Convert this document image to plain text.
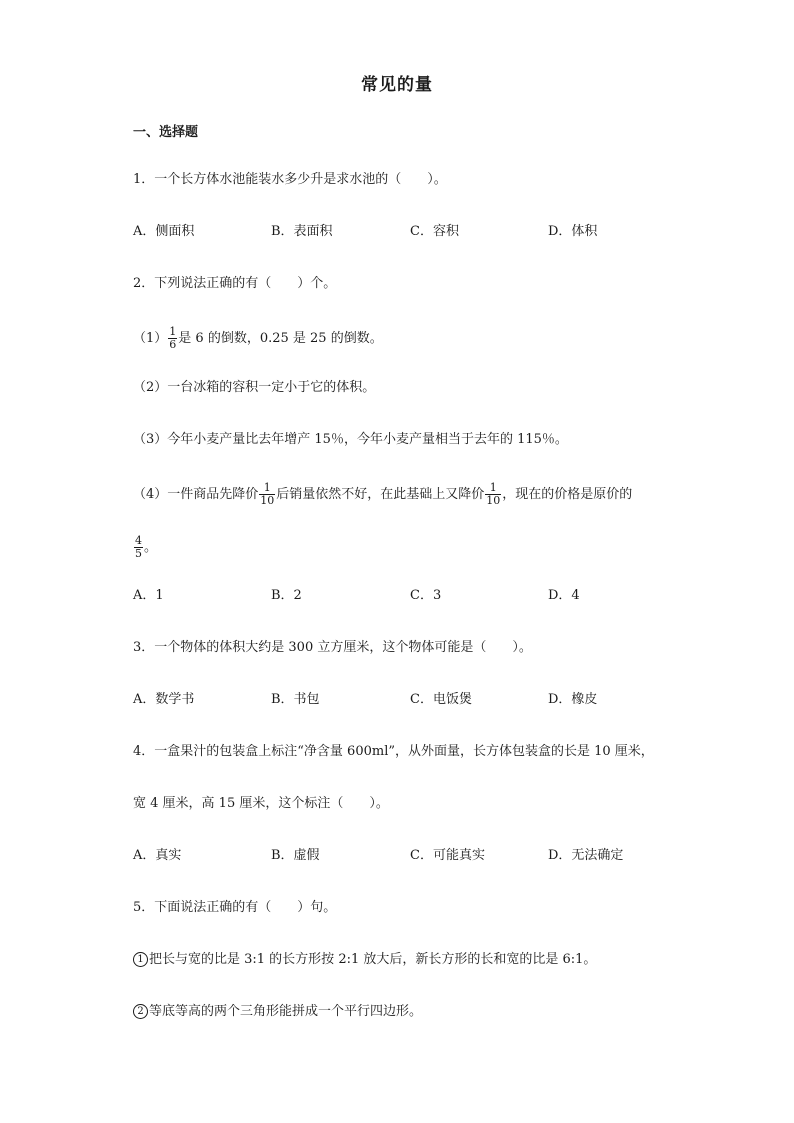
常见的量
一、选择题
1．一个长方体水池能装水多少升是求水池的（　　）。
A．侧面积	B．表面积	C．容积	D．体积
2．下列说法正确的有（　　）个。
$(1) \frac{1}{6}$ 是 6 的倒数，0.25 是 25 的倒数。
（2）一台冰箱的容积一定小于它的体积。
（3）今年小麦产量比去年增产 15％，今年小麦产量相当于去年的 115％。
（4）一件商品先降价 $\frac{1}{10}$ 后销量依然不好，在此基础上又降价 $\frac{1}{10}$ ，现在的价格是原价的
$\frac{4}{5}$ 。
A．1	B．2	C．3	D．4
3．一个物体的体积大约是 300 立方厘米，这个物体可能是（　　）。
A．数学书	B．书包	C．电饭煲	D．橡皮
4．一盒果汁的包装盒上标注“净含量 600ml”，从外面量，长方体包装盒的长是 10 厘米，
宽 4 厘米，高 15 厘米，这个标注（　　）。
A．真实	B．虚假	C．可能真实	D．无法确定
5．下面说法正确的有（　　）句。
1 把长与宽的比是 3:1 的长方形按 2:1 放大后，新长方形的长和宽的比是 6:1。
2 等底等高的两个三角形能拼成一个平行四边形。
